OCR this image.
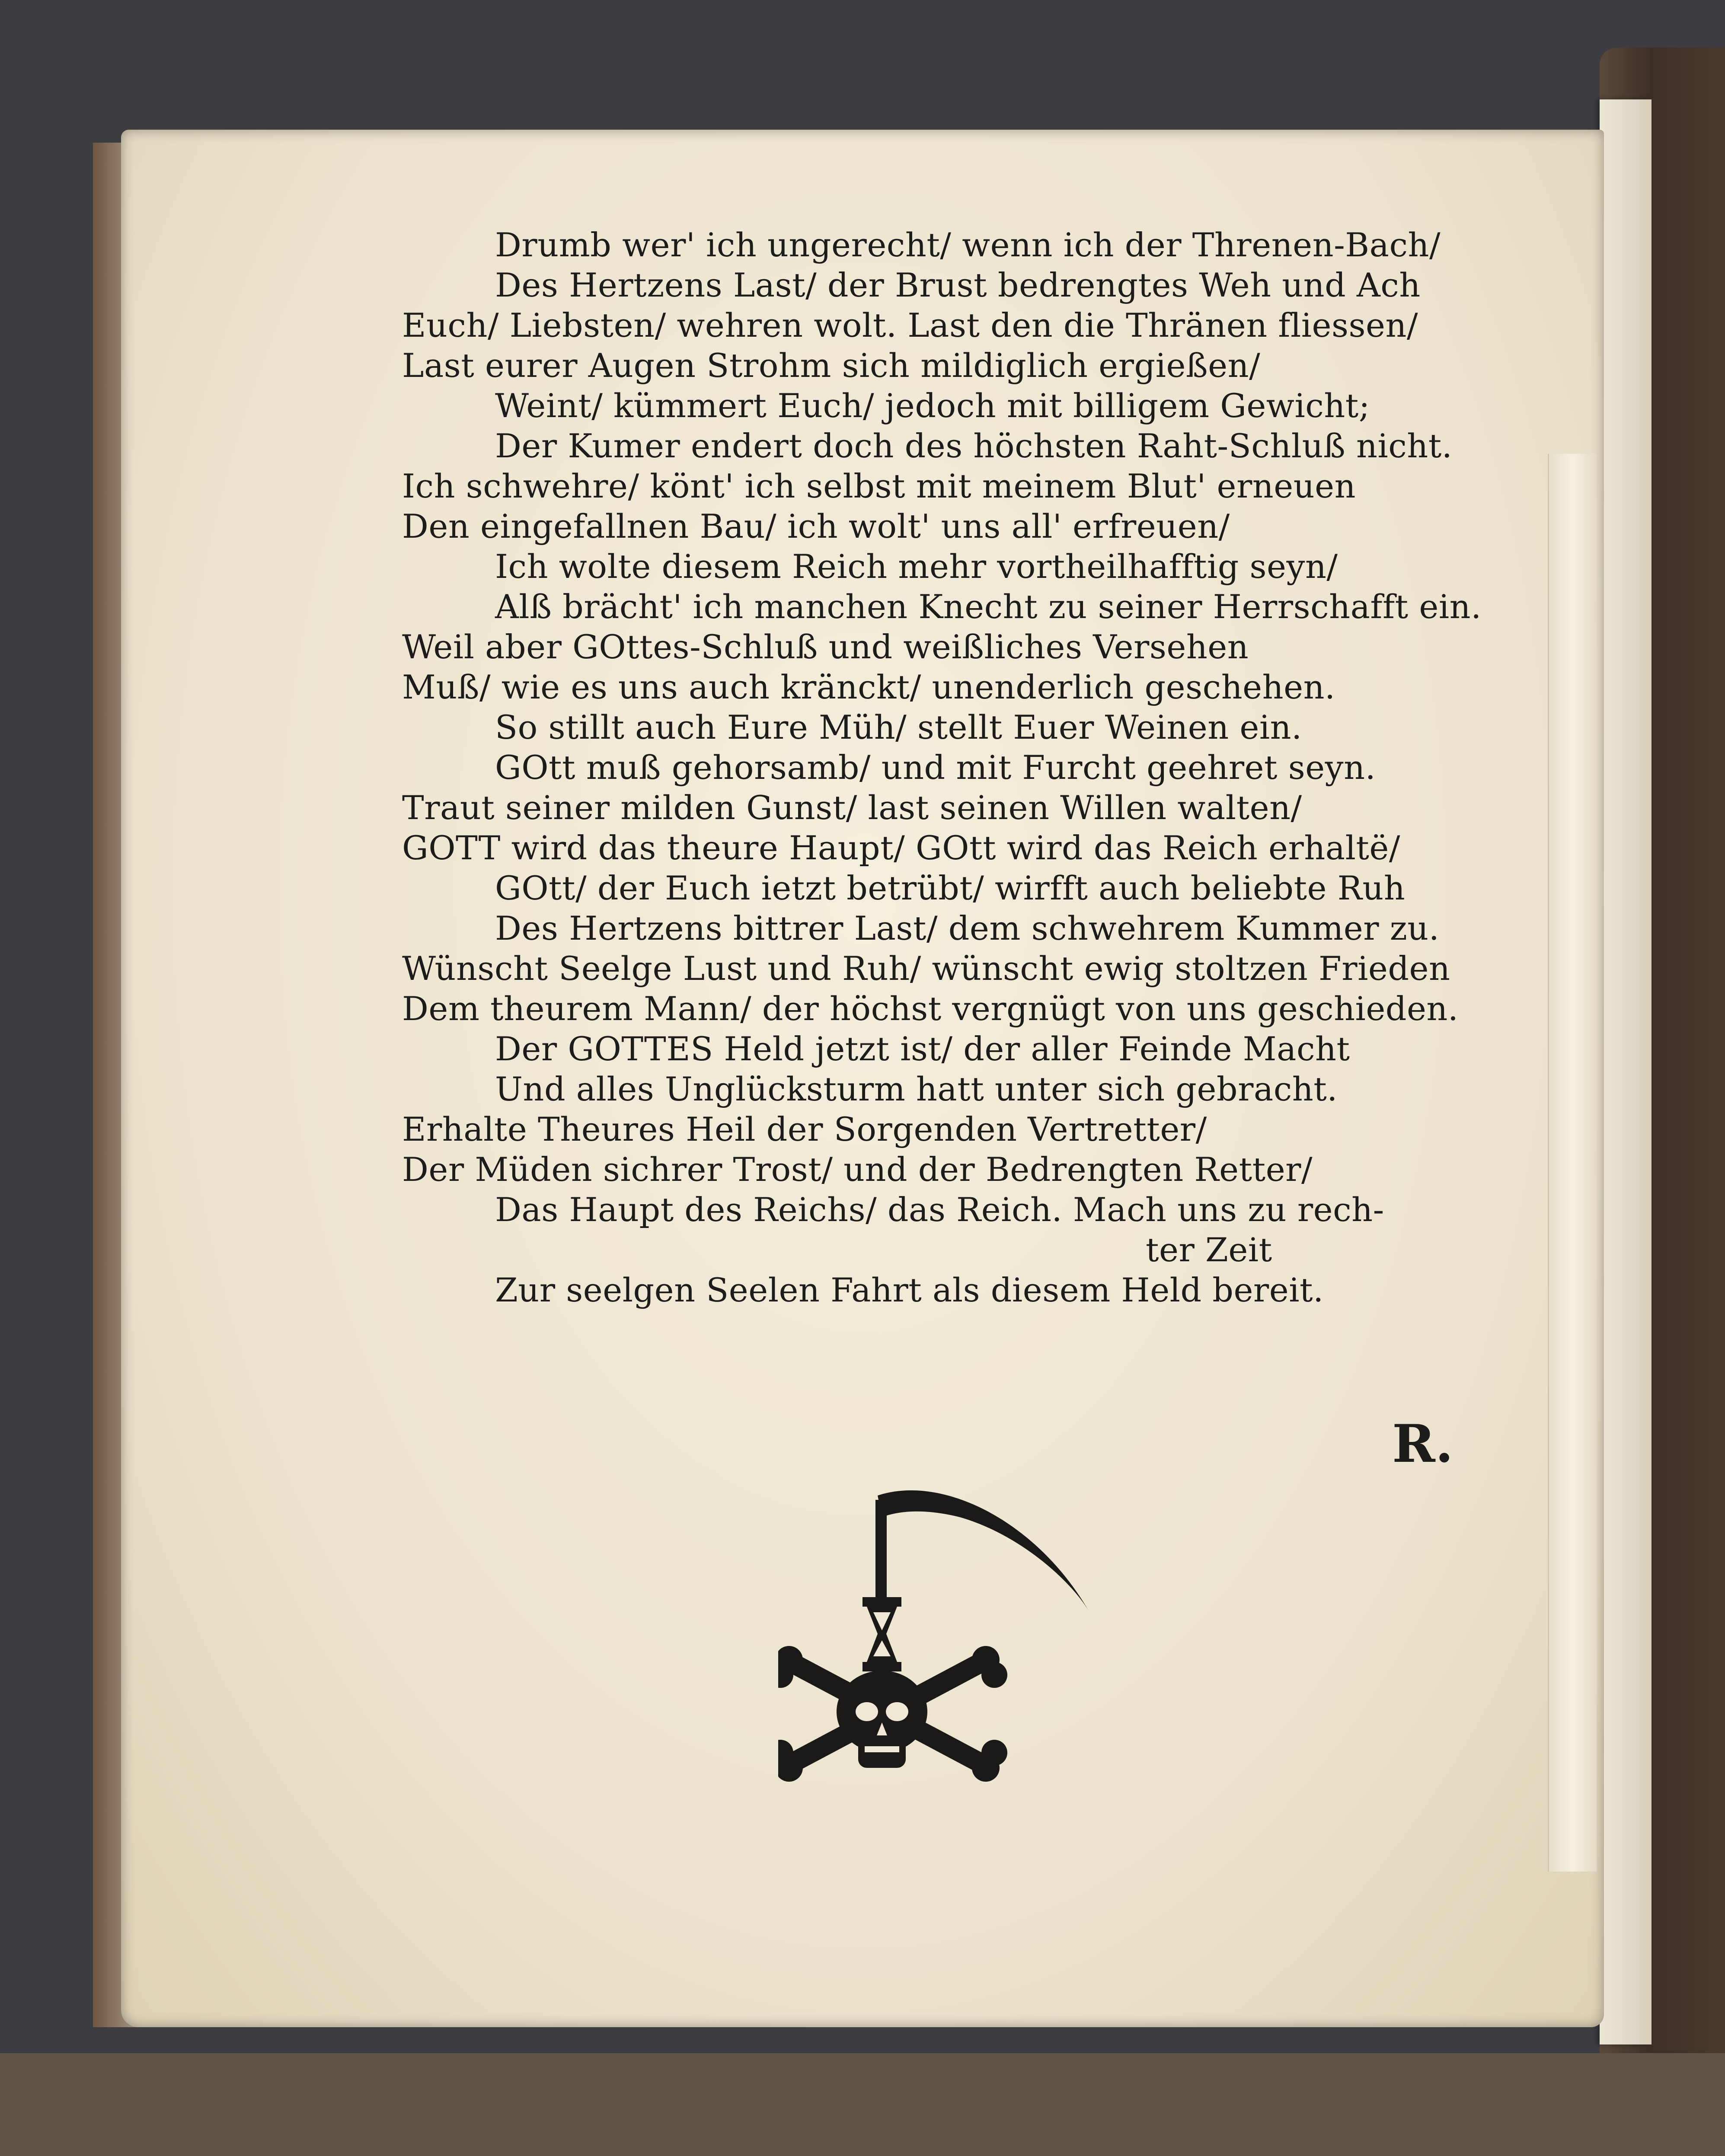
Drumb wer' ich ungerecht/ wenn ich der Threnen-Bach/
Des Hertzens Last/ der Brust bedrengtes Weh und Ach
Euch/ Liebsten/ wehren wolt. Last den die Thränen fliessen/
Last eurer Augen Strohm sich mildiglich ergießen/
Weint/ kümmert Euch/ jedoch mit billigem Gewicht;
Der Kumer endert doch des höchsten Raht-Schluß nicht.
Ich schwehre/ könt' ich selbst mit meinem Blut' erneuen
Den eingefallnen Bau/ ich wolt' uns all' erfreuen/
Ich wolte diesem Reich mehr vortheilhafftig seyn/
Alß brächt' ich manchen Knecht zu seiner Herrschafft ein.
Weil aber GOttes-Schluß und weißliches Versehen
Muß/ wie es uns auch kränckt/ unenderlich geschehen.
So stillt auch Eure Müh/ stellt Euer Weinen ein.
GOtt muß gehorsamb/ und mit Furcht geehret seyn.
Traut seiner milden Gunst/ last seinen Willen walten/
GOTT wird das theure Haupt/ GOtt wird das Reich erhaltë/
GOtt/ der Euch ietzt betrübt/ wirfft auch beliebte Ruh
Des Hertzens bittrer Last/ dem schwehrem Kummer zu.
Wünscht Seelge Lust und Ruh/ wünscht ewig stoltzen Frieden
Dem theurem Mann/ der höchst vergnügt von uns geschieden.
Der GOTTES Held jetzt ist/ der aller Feinde Macht
Und alles Unglücksturm hatt unter sich gebracht.
Erhalte Theures Heil der Sorgenden Vertretter/
Der Müden sichrer Trost/ und der Bedrengten Retter/
Das Haupt des Reichs/ das Reich. Mach uns zu rech-
ter Zeit
Zur seelgen Seelen Fahrt als diesem Held bereit.
R.
